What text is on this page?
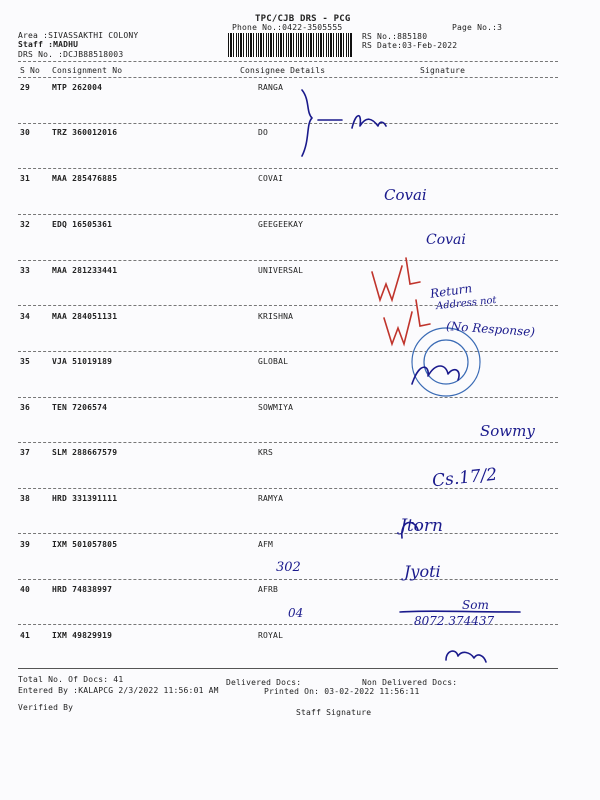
TPC/CJB DRS - PCG
Phone No.:0422-3505555	Page No.:3
Area :SIVASSAKTHI COLONY
Staff :MADHU
DRS No. :DCJB88518003
RS No.:885180
RS Date:03-Feb-2022
S No Consignment No	Consignee Details	Signature
29	MTP 262004	RANGA
30	TRZ 360012016	DO
31	MAA 285476885	COVAI
32	EDQ 16505361	GEEGEEKAY
33	MAA 281233441	UNIVERSAL
34	MAA 284051131	KRISHNA
35	VJA 51019189	GLOBAL
36	TEN 7206574	SOWMIYA
37	SLM 288667579	KRS
38	HRD 331391111	RAMYA
39	IXM 501057805	AFM
40	HRD 74838997	AFRB
41	IXM 49829919	ROYAL
Covai
Covai
Return
Address not
(No Response)
Sowmy
Cs.17/2
Jtorn
302	Jyoti
04
Som
8072 374437
Total No. Of Docs: 41	Delivered Docs:	Non Delivered Docs:
Entered By :KALAPCG 2/3/2022 11:56:01 AM	Printed On: 03-02-2022 11:56:11
Verified By
Staff Signature
